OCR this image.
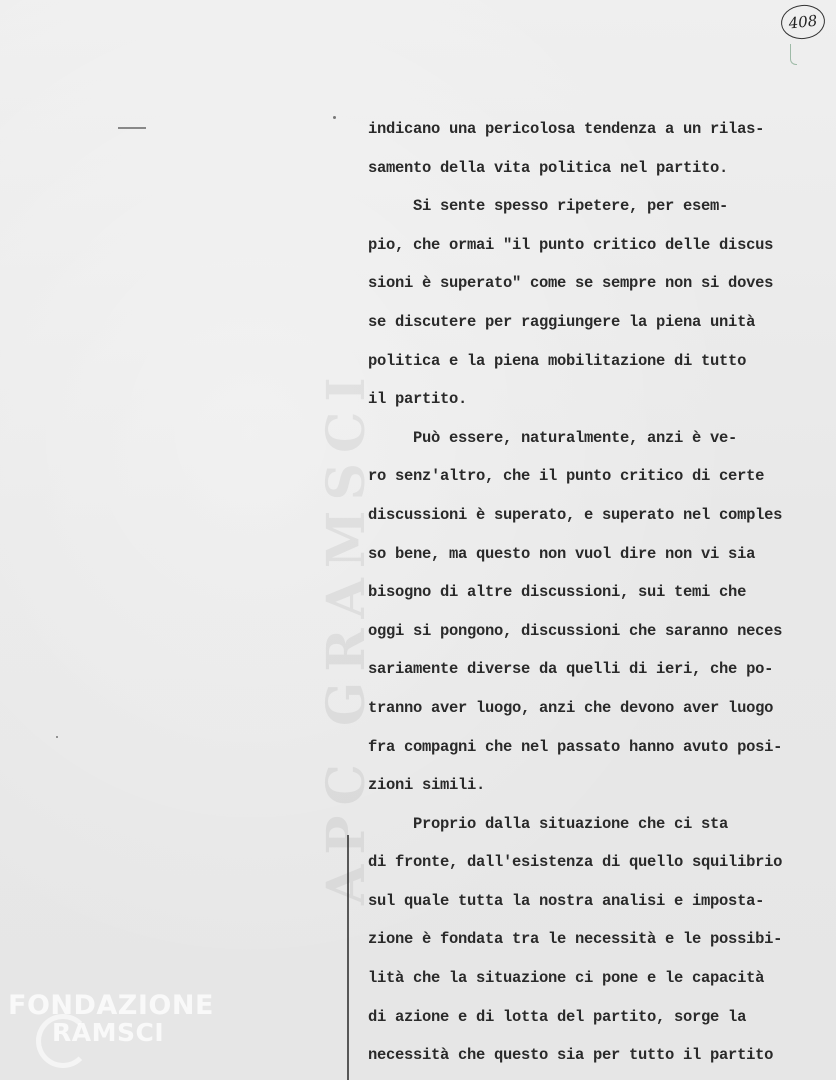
408
APC GRAMSCI
indicano una pericolosa tendenza a un rilas-
samento della vita politica nel partito.
Si sente spesso ripetere, per esem-
pio, che ormai "il punto critico delle discus
sioni è superato" come se sempre non si doves
se discutere per raggiungere la piena unità
politica e la piena mobilitazione di tutto
il partito.
Può essere, naturalmente, anzi è ve-
ro senz'altro, che il punto critico di certe
discussioni è superato, e superato nel comples
so bene, ma questo non vuol dire non vi sia
bisogno di altre discussioni, sui temi che
oggi si pongono, discussioni che saranno neces
sariamente diverse da quelli di ieri, che po-
tranno aver luogo, anzi che devono aver luogo
fra compagni che nel passato hanno avuto posi-
zioni simili.
Proprio dalla situazione che ci sta
di fronte, dall'esistenza di quello squilibrio
sul quale tutta la nostra analisi e imposta-
zione è fondata tra le necessità e le possibi-
lità che la situazione ci pone e le capacità
di azione e di lotta del partito, sorge la
necessità che questo sia per tutto il partito
FONDAZIONE
RAMSCI
